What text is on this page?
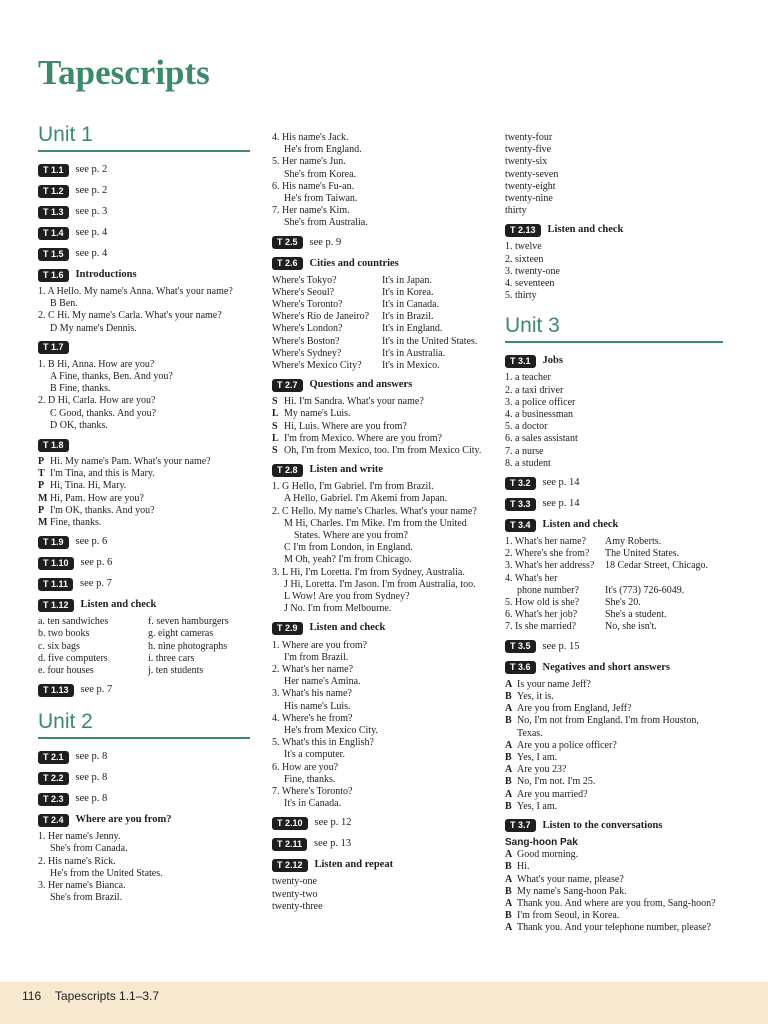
Tapescripts
Unit 1
T 1.1	see p. 2
T 1.2	see p. 2
T 1.3	see p. 3
T 1.4	see p. 4
T 1.5	see p. 4
T 1.6	Introductions
1. A Hello. My name's Anna. What's your name?
B Ben.
2. C Hi. My name's Carla. What's your name?
D My name's Dennis.
T 1.7
1. B Hi, Anna. How are you?
A Fine, thanks, Ben. And you?
B Fine, thanks.
2. D Hi, Carla. How are you?
C Good, thanks. And you?
D OK, thanks.
T 1.8
P Hi. My name's Pam. What's your name?
T I'm Tina, and this is Mary.
P Hi, Tina. Hi, Mary.
M Hi, Pam. How are you?
P I'm OK, thanks. And you?
M Fine, thanks.
T 1.9	see p. 6
T 1.10	see p. 6
T 1.11	see p. 7
T 1.12	Listen and check
a. ten sandwiches	f. seven hamburgers
b. two books	g. eight cameras
c. six bags	h. nine photographs
d. five computers	i. three cars
e. four houses	j. ten students
T 1.13	see p. 7
Unit 2
T 2.1	see p. 8
T 2.2	see p. 8
T 2.3	see p. 8
T 2.4	Where are you from?
1. Her name's Jenny.
She's from Canada.
2. His name's Rick.
He's from the United States.
3. Her name's Bianca.
She's from Brazil.
4. His name's Jack.
He's from England.
5. Her name's Jun.
She's from Korea.
6. His name's Fu-an.
He's from Taiwan.
7. Her name's Kim.
She's from Australia.
T 2.5	see p. 9
T 2.6	Cities and countries
Where's Tokyo?	It's in Japan.
Where's Seoul?	It's in Korea.
Where's Toronto?	It's in Canada.
Where's Rio de Janeiro?	It's in Brazil.
Where's London?	It's in England.
Where's Boston?	It's in the United States.
Where's Sydney?	It's in Australia.
Where's Mexico City?	It's in Mexico.
T 2.7	Questions and answers
S Hi. I'm Sandra. What's your name?
L My name's Luis.
S Hi, Luis. Where are you from?
L I'm from Mexico. Where are you from?
S Oh, I'm from Mexico, too. I'm from Mexico City.
T 2.8	Listen and write
1. G Hello, I'm Gabriel. I'm from Brazil.
A Hello, Gabriel. I'm Akemi from Japan.
2. C Hello. My name's Charles. What's your name?
M Hi, Charles. I'm Mike. I'm from the United States. Where are you from?
C I'm from London, in England.
M Oh, yeah? I'm from Chicago.
3. L Hi, I'm Loretta. I'm from Sydney, Australia.
J Hi, Loretta. I'm Jason. I'm from Australia, too.
L Wow! Are you from Sydney?
J No. I'm from Melbourne.
T 2.9	Listen and check
1. Where are you from?
I'm from Brazil.
2. What's her name?
Her name's Amina.
3. What's his name?
His name's Luis.
4. Where's he from?
He's from Mexico City.
5. What's this in English?
It's a computer.
6. How are you?
Fine, thanks.
7. Where's Toronto?
It's in Canada.
T 2.10	see p. 12
T 2.11	see p. 13
T 2.12	Listen and repeat
twenty-one
twenty-two
twenty-three
twenty-four
twenty-five
twenty-six
twenty-seven
twenty-eight
twenty-nine
thirty
T 2.13	Listen and check
1. twelve
2. sixteen
3. twenty-one
4. seventeen
5. thirty
Unit 3
T 3.1	Jobs
1. a teacher
2. a taxi driver
3. a police officer
4. a businessman
5. a doctor
6. a sales assistant
7. a nurse
8. a student
T 3.2	see p. 14
T 3.3	see p. 14
T 3.4	Listen and check
1. What's her name?	Amy Roberts.
2. Where's she from?	The United States.
3. What's her address?	18 Cedar Street, Chicago.
4. What's her
phone number?	It's (773) 726-6049.
5. How old is she?	She's 20.
6. What's her job?	She's a student.
7. Is she married?	No, she isn't.
T 3.5	see p. 15
T 3.6	Negatives and short answers
A Is your name Jeff?
B Yes, it is.
A Are you from England, Jeff?
B No, I'm not from England. I'm from Houston, Texas.
A Are you a police officer?
B Yes, I am.
A Are you 23?
B No, I'm not. I'm 25.
A Are you married?
B Yes, I am.
T 3.7	Listen to the conversations
Sang-hoon Pak
A Good morning.
B Hi.
A What's your name, please?
B My name's Sang-hoon Pak.
A Thank you. And where are you from, Sang-hoon?
B I'm from Seoul, in Korea.
A Thank you. And your telephone number, please?
116 Tapescripts 1.1–3.7
